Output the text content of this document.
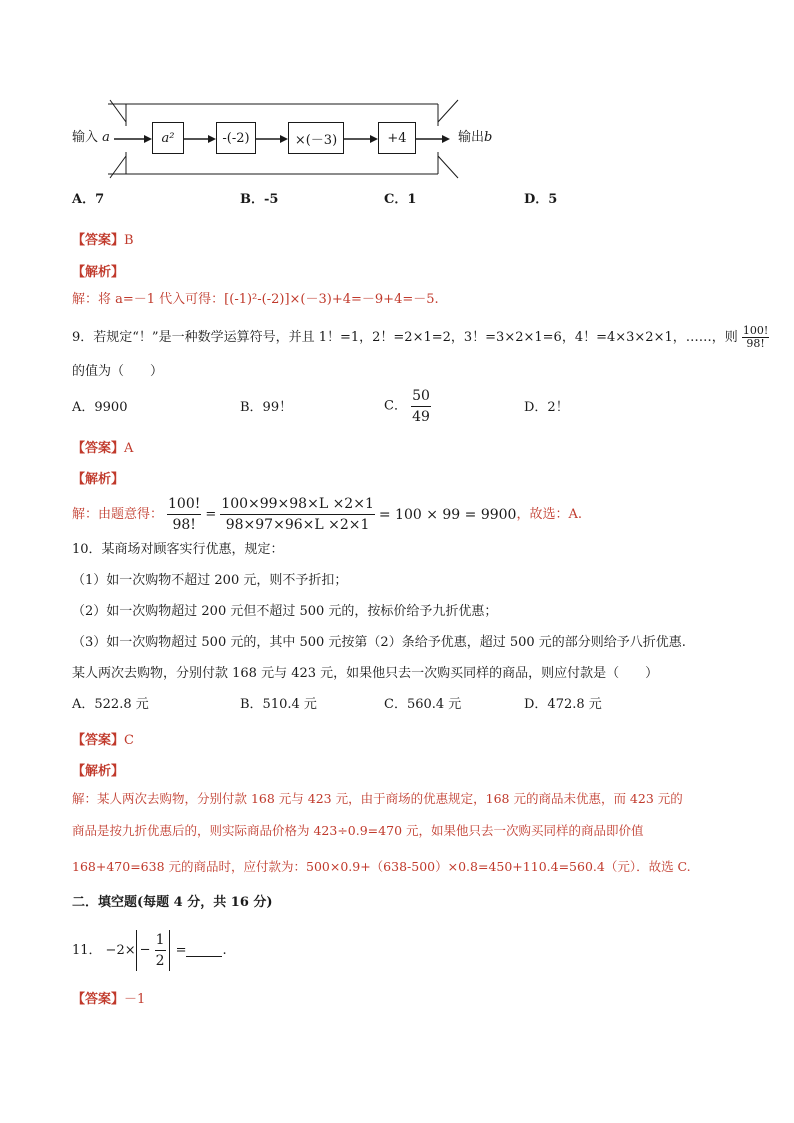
输入 a	a²	-(-2)	×(－3)	+4	输出b
A．7	B．-5	C．1	D．5
【答案】B
【解析】
解：将 a=－1 代入可得：[(-1)²-(-2)]×(－3)+4=－9+4=－5.
9．若规定“！”是一种数学运算符号，并且 1！=1，2！=2×1=2，3！=3×2×1=6，4！=4×3×2×1，……，则 $\frac{100!}{98!}$
的值为（　　）
A．9900	B．99！	C． $\frac{50}{49}$	D．2！
【答案】A
【解析】
解：由题意得： $\frac{100!}{98!} = \frac{100\times 99\times 98\times L \times 2\times 1}{98\times 97\times 96\times L \times 2\times 1} = 100 \times 99 = 9900$ ，故选：A.
10．某商场对顾客实行优惠，规定：
（1）如一次购物不超过 200 元，则不予折扣；
（2）如一次购物超过 200 元但不超过 500 元的，按标价给予九折优惠；
（3）如一次购物超过 500 元的，其中 500 元按第（2）条给予优惠，超过 500 元的部分则给予八折优惠.
某人两次去购物，分别付款 168 元与 423 元，如果他只去一次购买同样的商品，则应付款是（　　）
A．522.8 元	B．510.4 元	C．560.4 元	D．472.8 元
【答案】C
【解析】
解：某人两次去购物，分别付款 168 元与 423 元，由于商场的优惠规定，168 元的商品未优惠，而 423 元的
商品是按九折优惠后的，则实际商品价格为 423÷0.9=470 元，如果他只去一次购买同样的商品即价值
168+470=638 元的商品时，应付款为：500×0.9+（638-500）×0.8=450+110.4=560.4（元）．故选 C.
二．填空题(每题 4 分，共 16 分)
11． $-2\times - \frac{1}{2}$ =	.
【答案】－1
